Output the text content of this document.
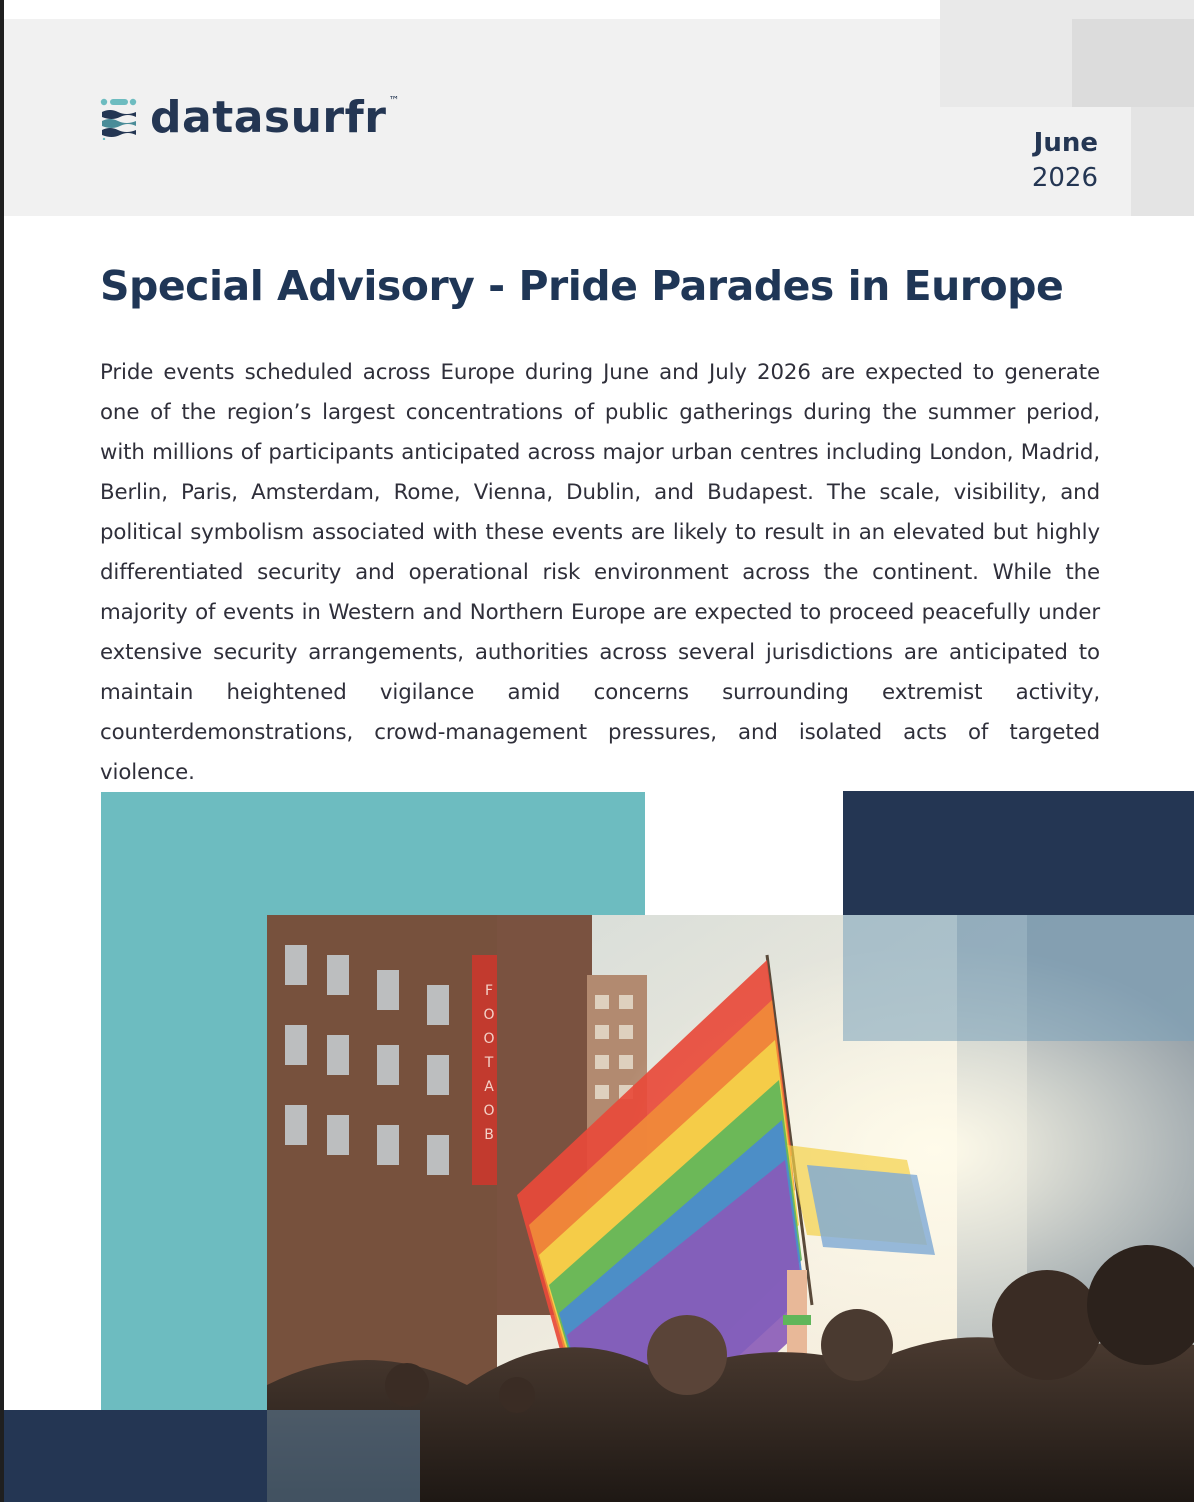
datasurfr ™
June
2026
Special Advisory - Pride Parades in Europe

Pride events scheduled across Europe during June and July 2026 are expected to generate one of the region’s largest concentrations of public gatherings during the summer period, with millions of participants anticipated across major urban centres including London, Madrid, Berlin, Paris, Amsterdam, Rome, Vienna, Dublin, and Budapest. The scale, visibility, and political symbolism associated with these events are likely to result in an elevated but highly differentiated security and operational risk environment across the continent. While the majority of events in Western and Northern Europe are expected to proceed peacefully under extensive security arrangements, authorities across several jurisdictions are anticipated to maintain heightened vigilance amid concerns surrounding extremist activity, counterdemonstrations, crowd-management pressures, and isolated acts of targeted violence.
